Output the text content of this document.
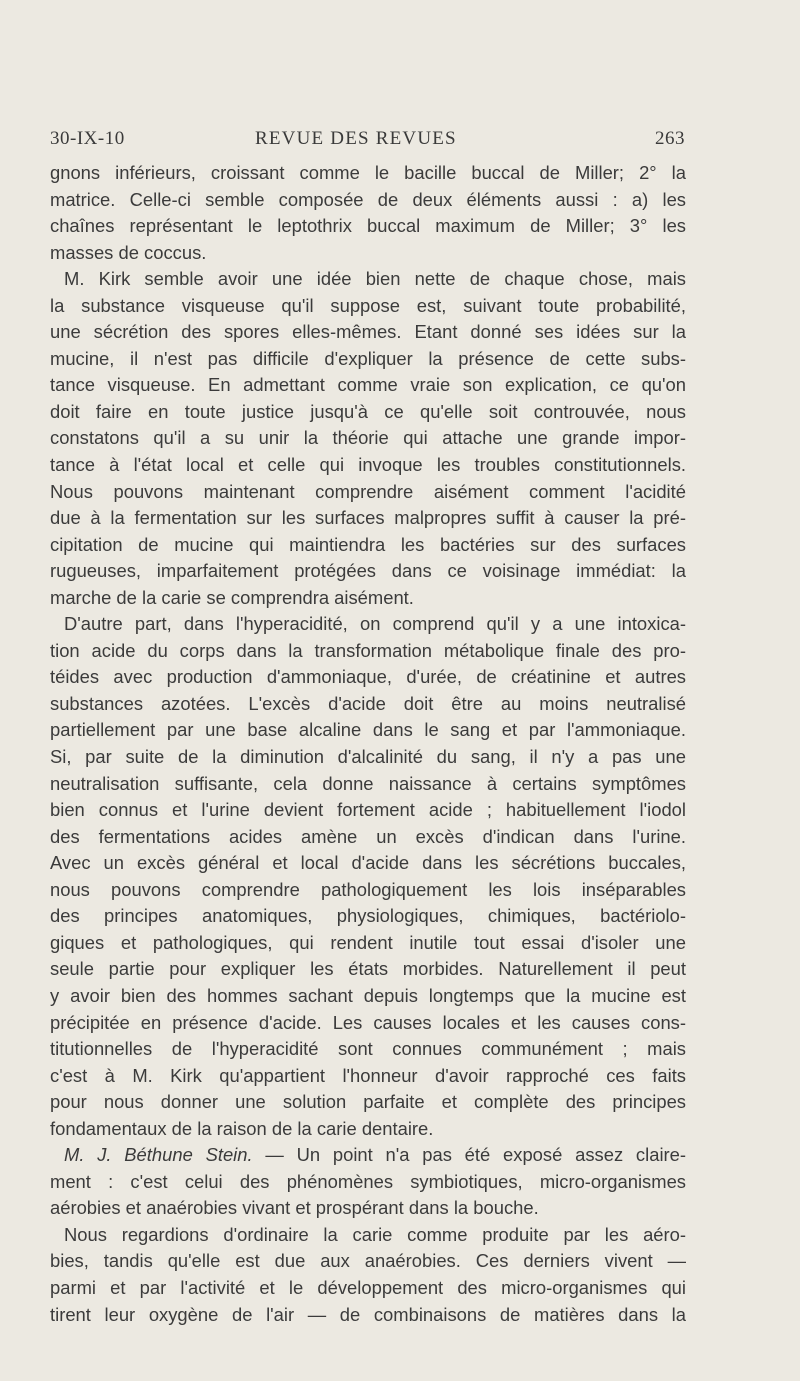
30-IX-10	REVUE DES REVUES	263
gnons inférieurs, croissant comme le bacille buccal de Miller; 2° la
matrice. Celle-ci semble composée de deux éléments aussi : a) les
chaînes représentant le leptothrix buccal maximum de Miller; 3° les
masses de coccus.
M. Kirk semble avoir une idée bien nette de chaque chose, mais
la substance visqueuse qu'il suppose est, suivant toute probabilité,
une sécrétion des spores elles-mêmes. Etant donné ses idées sur la
mucine, il n'est pas difficile d'expliquer la présence de cette subs-
tance visqueuse. En admettant comme vraie son explication, ce qu'on
doit faire en toute justice jusqu'à ce qu'elle soit controuvée, nous
constatons qu'il a su unir la théorie qui attache une grande impor-
tance à l'état local et celle qui invoque les troubles constitutionnels.
Nous pouvons maintenant comprendre aisément comment l'acidité
due à la fermentation sur les surfaces malpropres suffit à causer la pré-
cipitation de mucine qui maintiendra les bactéries sur des surfaces
rugueuses, imparfaitement protégées dans ce voisinage immédiat: la
marche de la carie se comprendra aisément.
D'autre part, dans l'hyperacidité, on comprend qu'il y a une intoxica-
tion acide du corps dans la transformation métabolique finale des pro-
téides avec production d'ammoniaque, d'urée, de créatinine et autres
substances azotées. L'excès d'acide doit être au moins neutralisé
partiellement par une base alcaline dans le sang et par l'ammoniaque.
Si, par suite de la diminution d'alcalinité du sang, il n'y a pas une
neutralisation suffisante, cela donne naissance à certains symptômes
bien connus et l'urine devient fortement acide ; habituellement l'iodol
des fermentations acides amène un excès d'indican dans l'urine.
Avec un excès général et local d'acide dans les sécrétions buccales,
nous pouvons comprendre pathologiquement les lois inséparables
des principes anatomiques, physiologiques, chimiques, bactériolo-
giques et pathologiques, qui rendent inutile tout essai d'isoler une
seule partie pour expliquer les états morbides. Naturellement il peut
y avoir bien des hommes sachant depuis longtemps que la mucine est
précipitée en présence d'acide. Les causes locales et les causes cons-
titutionnelles de l'hyperacidité sont connues communément ; mais
c'est à M. Kirk qu'appartient l'honneur d'avoir rapproché ces faits
pour nous donner une solution parfaite et complète des principes
fondamentaux de la raison de la carie dentaire.
M. J. Béthune Stein. — Un point n'a pas été exposé assez claire-
ment : c'est celui des phénomènes symbiotiques, micro-organismes
aérobies et anaérobies vivant et prospérant dans la bouche.
Nous regardions d'ordinaire la carie comme produite par les aéro-
bies, tandis qu'elle est due aux anaérobies. Ces derniers vivent —
parmi et par l'activité et le développement des micro-organismes qui
tirent leur oxygène de l'air — de combinaisons de matières dans la
